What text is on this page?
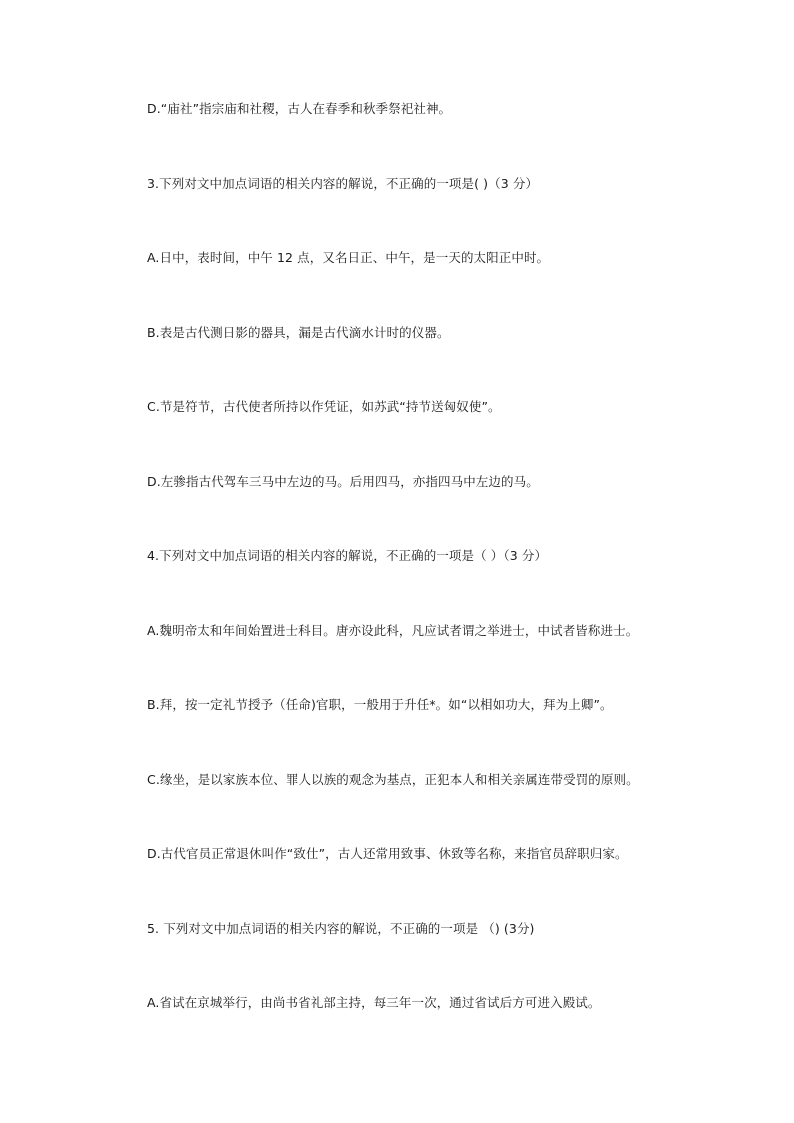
D.“庙社”指宗庙和社稷，古人在春季和秋季祭祀社神。
3.下列对文中加点词语的相关内容的解说，不正确的一项是( )（3 分）
A.日中，表时间，中午 12 点，又名日正、中午，是一天的太阳正中时。
B.表是古代测日影的器具，漏是古代滴水计时的仪器。
C.节是符节，古代使者所持以作凭证，如苏武“持节送匈奴使”。
D.左骖指古代驾车三马中左边的马。后用四马，亦指四马中左边的马。
4.下列对文中加点词语的相关内容的解说，不正确的一项是（ ）（3 分）
A.魏明帝太和年间始置进士科目。唐亦设此科，凡应试者谓之举进士，中试者皆称进士。
B.拜，按一定礼节授予（任命)官职，一般用于升任*。如“以相如功大，拜为上卿”。
C.缘坐，是以家族本位、罪人以族的观念为基点，正犯本人和相关亲属连带受罚的原则。
D.古代官员正常退休叫作“致仕”，古人还常用致事、休致等名称，来指官员辞职归家。
5. 下列对文中加点词语的相关内容的解说，不正确的一项是 （) (3分)
A.省试在京城举行，由尚书省礼部主持，每三年一次，通过省试后方可进入殿试。
